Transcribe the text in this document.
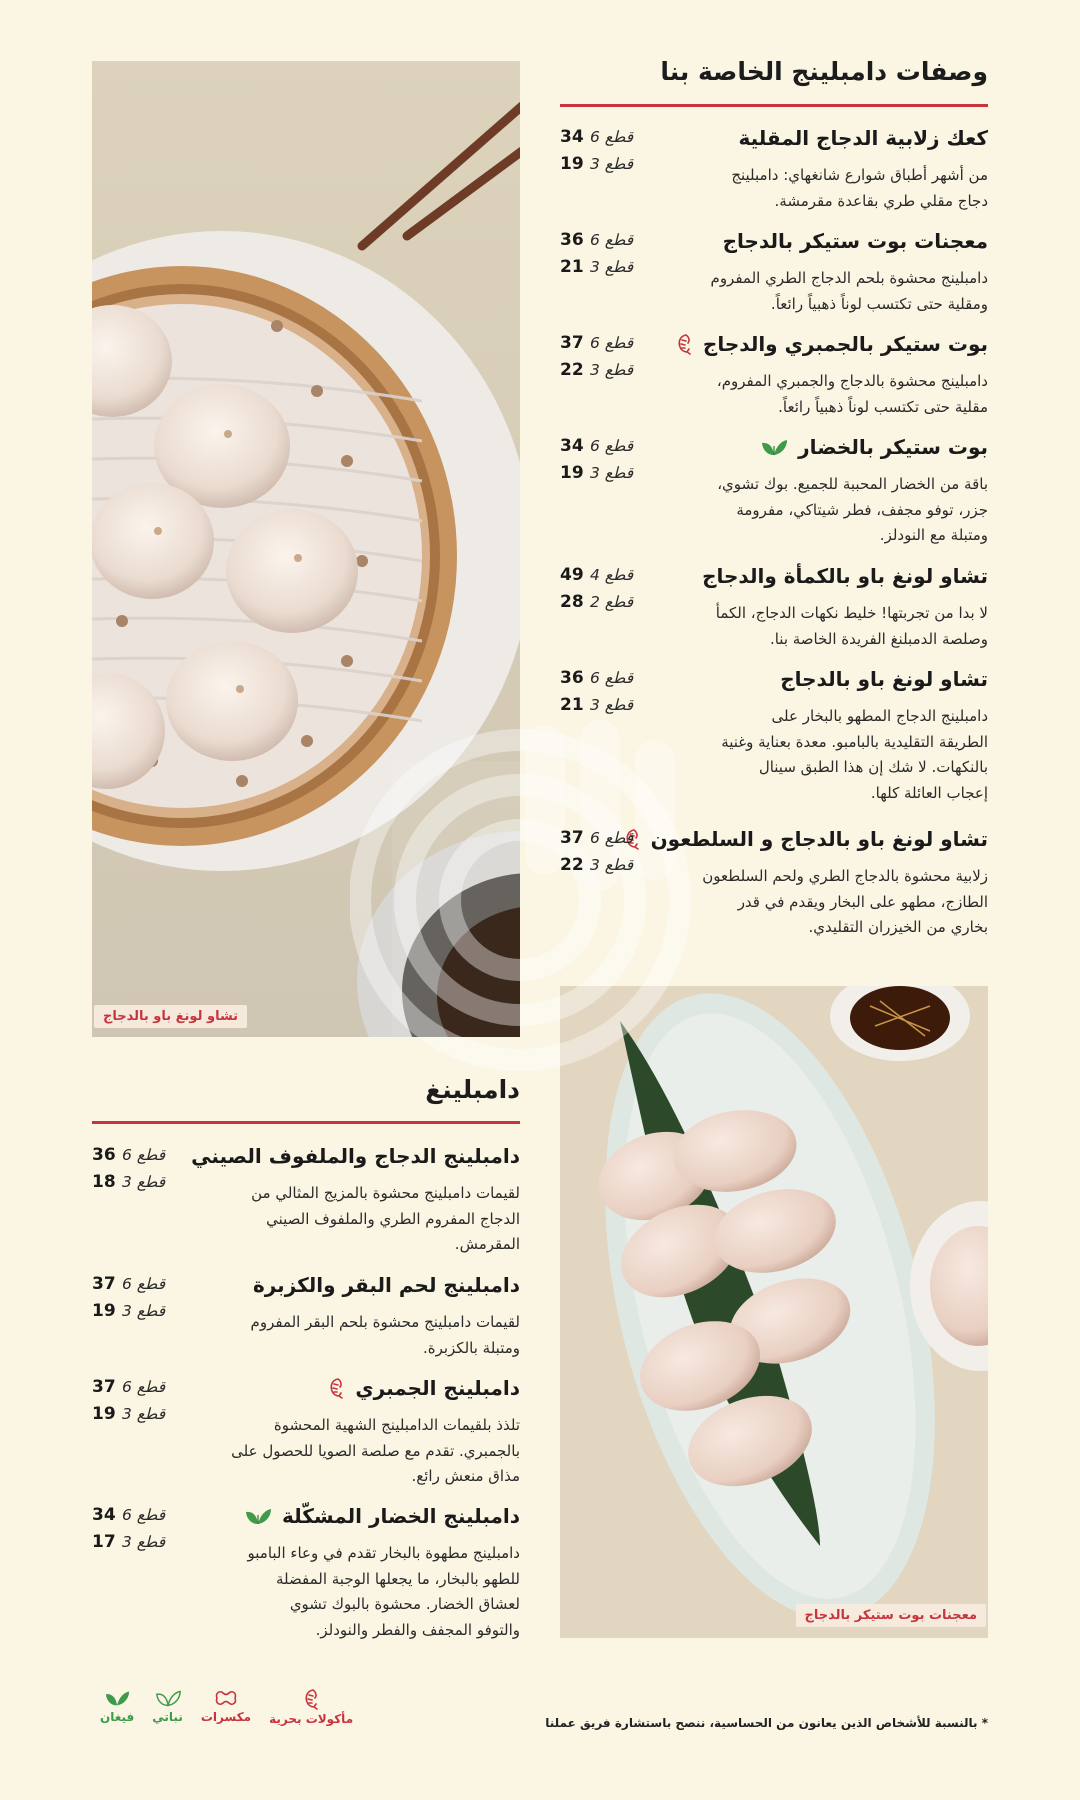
تشاو لونغ باو بالدجاج
معجنات بوت ستيكر بالدجاج
وصفات دامبلينج الخاصة بنا
كعك زلابية الدجاج المقلية

من أشهر أطباق شوارع شانغهاي: دامبلينج دجاج مقلي طري بقاعدة مقرمشة.

34 6 قطع
19 3 قطع
معجنات بوت ستيكر بالدجاج

دامبلينج محشوة بلحم الدجاج الطري المفروم ومقلية حتى تكتسب لوناً ذهبياً رائعاً.

36 6 قطع
21 3 قطع
بوت ستيكر بالجمبري والدجاج

دامبلينج محشوة بالدجاج والجمبري المفروم، مقلية حتى تكتسب لوناً ذهبياً رائعاً.

37 6 قطع
22 3 قطع
بوت ستيكر بالخضار

باقة من الخضار المحببة للجميع. بوك تشوي، جزر، توفو مجفف، فطر شيتاكي، مفرومة ومتبلة مع النودلز.

34 6 قطع
19 3 قطع
تشاو لونغ باو بالكمأة والدجاج

لا بدا من تجربتها! خليط نكهات الدجاج، الكمأ وصلصة الدمبلنغ الفريدة الخاصة بنا.

49 4 قطع
28 2 قطع
تشاو لونغ باو بالدجاج

دامبلينج الدجاج المطهو بالبخار على الطريقة التقليدية بالبامبو. معدة بعناية وغنية بالنكهات. لا شك إن هذا الطبق سينال إعجاب العائلة كلها.

36 6 قطع
21 3 قطع
تشاو لونغ باو بالدجاج و السلطعون

زلابية محشوة بالدجاج الطري ولحم السلطعون الطازج، مطهو على البخار ويقدم في قدر بخاري من الخيزران التقليدي.

37 6 قطع
22 3 قطع
دامبلينغ
دامبلينج الدجاج والملفوف الصيني

لقيمات دامبلينج محشوة بالمزيج المثالي من الدجاج المفروم الطري والملفوف الصيني المقرمش.

36 6 قطع
18 3 قطع
دامبلينج لحم البقر والكزبرة

لقيمات دامبلينج محشوة بلحم البقر المفروم ومتبلة بالكزبرة.

37 6 قطع
19 3 قطع
دامبلينج الجمبري

تلذذ بلقيمات الدامبلينج الشهية المحشوة بالجمبري. تقدم مع صلصة الصويا للحصول على مذاق منعش رائع.

37 6 قطع
19 3 قطع
دامبلينج الخضار المشكّلة

دامبلينج مطهوة بالبخار تقدم في وعاء البامبو للطهو بالبخار، ما يجعلها الوجبة المفضلة لعشاق الخضار. محشوة بالبوك تشوي والتوفو المجفف والفطر والنودلز.

34 6 قطع
17 3 قطع
* بالنسبة للأشخاص الذين يعانون من الحساسية، ننصح باستشارة فريق عملنا
فيغان نباتي مكسرات مأكولات بحرية
